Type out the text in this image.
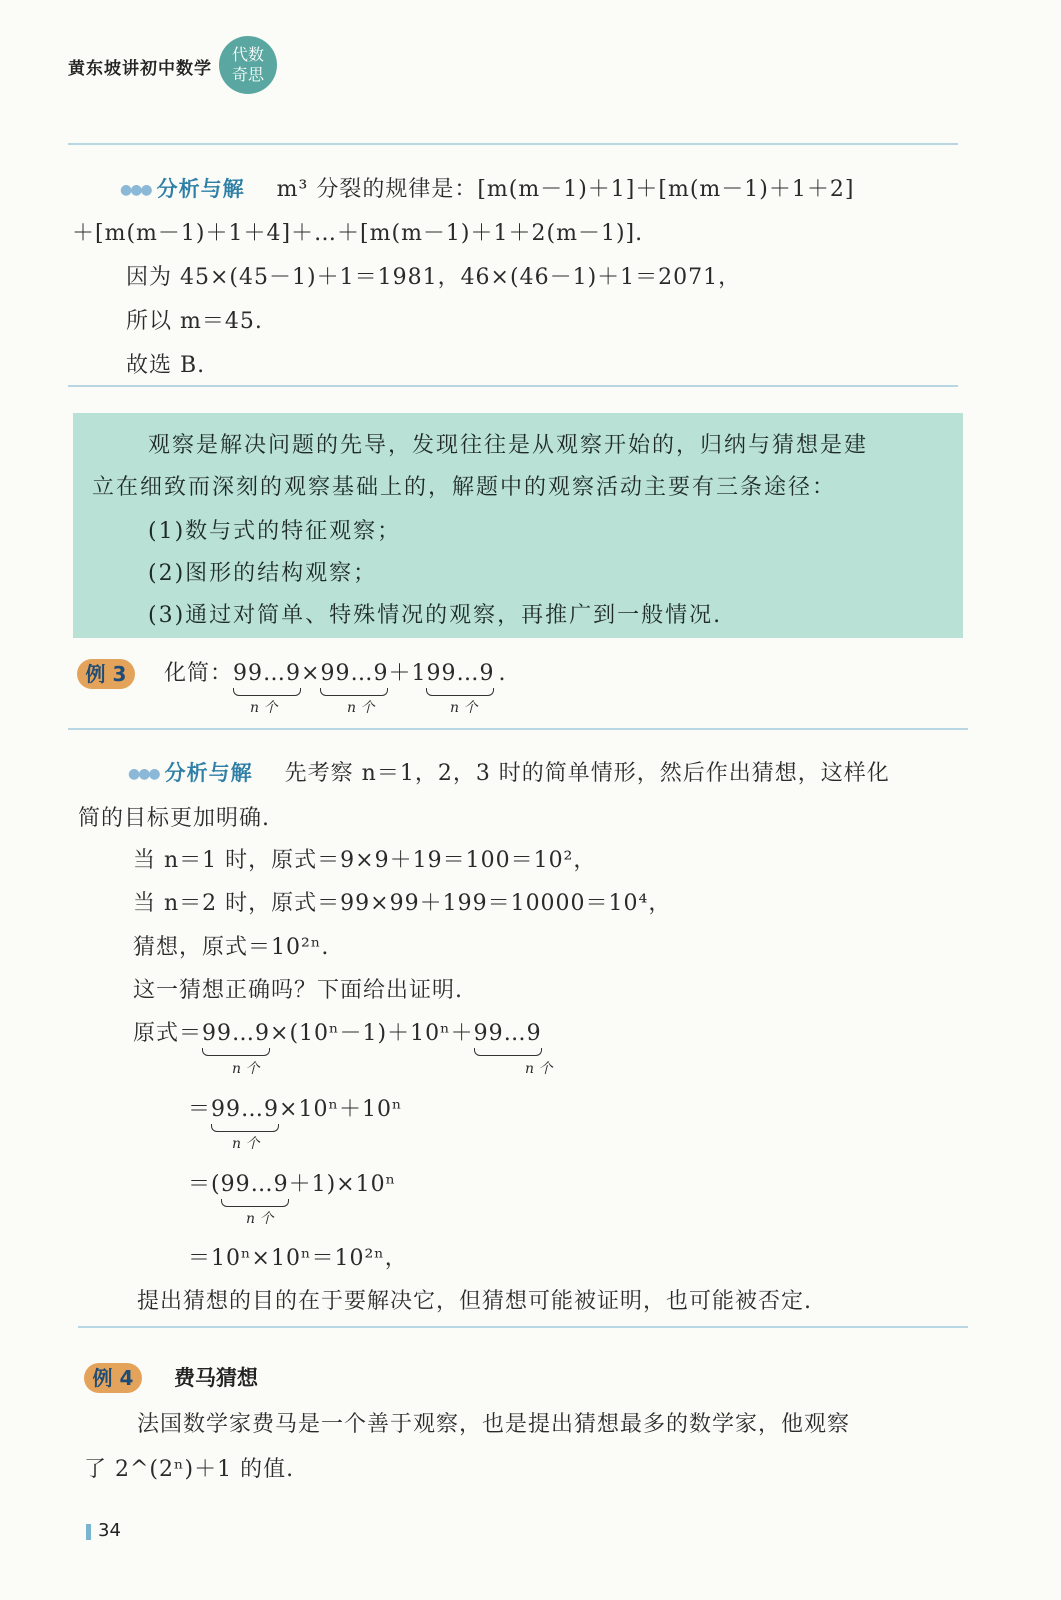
黄东坡讲初中数学
代数
奇思
●●● 分析与解 m³ 分裂的规律是：[m(m－1)＋1]＋[m(m－1)＋1＋2]
＋[m(m－1)＋1＋4]＋…＋[m(m－1)＋1＋2(m－1)].
因为 45×(45－1)＋1＝1981，46×(46－1)＋1＝2071，
所以 m＝45.
故选 B.
观察是解决问题的先导，发现往往是从观察开始的，归纳与猜想是建
立在细致而深刻的观察基础上的，解题中的观察活动主要有三条途径：
(1)数与式的特征观察；
(2)图形的结构观察；
(3)通过对简单、特殊情况的观察，再推广到一般情况.
例 3	化简：99…9×99…9＋199…9 .
n 个	n 个	n 个
●●● 分析与解 先考察 n＝1，2，3 时的简单情形，然后作出猜想，这样化
简的目标更加明确.
当 n＝1 时，原式＝9×9＋19＝100＝10²，
当 n＝2 时，原式＝99×99＋199＝10000＝10⁴，
猜想，原式＝10²ⁿ.
这一猜想正确吗？下面给出证明.
原式＝99…9×(10ⁿ－1)＋10ⁿ＋99…9
n 个	n 个
＝99…9×10ⁿ＋10ⁿ
n 个
＝(99…9＋1)×10ⁿ
n 个
＝10ⁿ×10ⁿ＝10²ⁿ，
提出猜想的目的在于要解决它，但猜想可能被证明，也可能被否定.
例 4	费马猜想
法国数学家费马是一个善于观察，也是提出猜想最多的数学家，他观察
了 2^(2ⁿ)＋1 的值.
34
